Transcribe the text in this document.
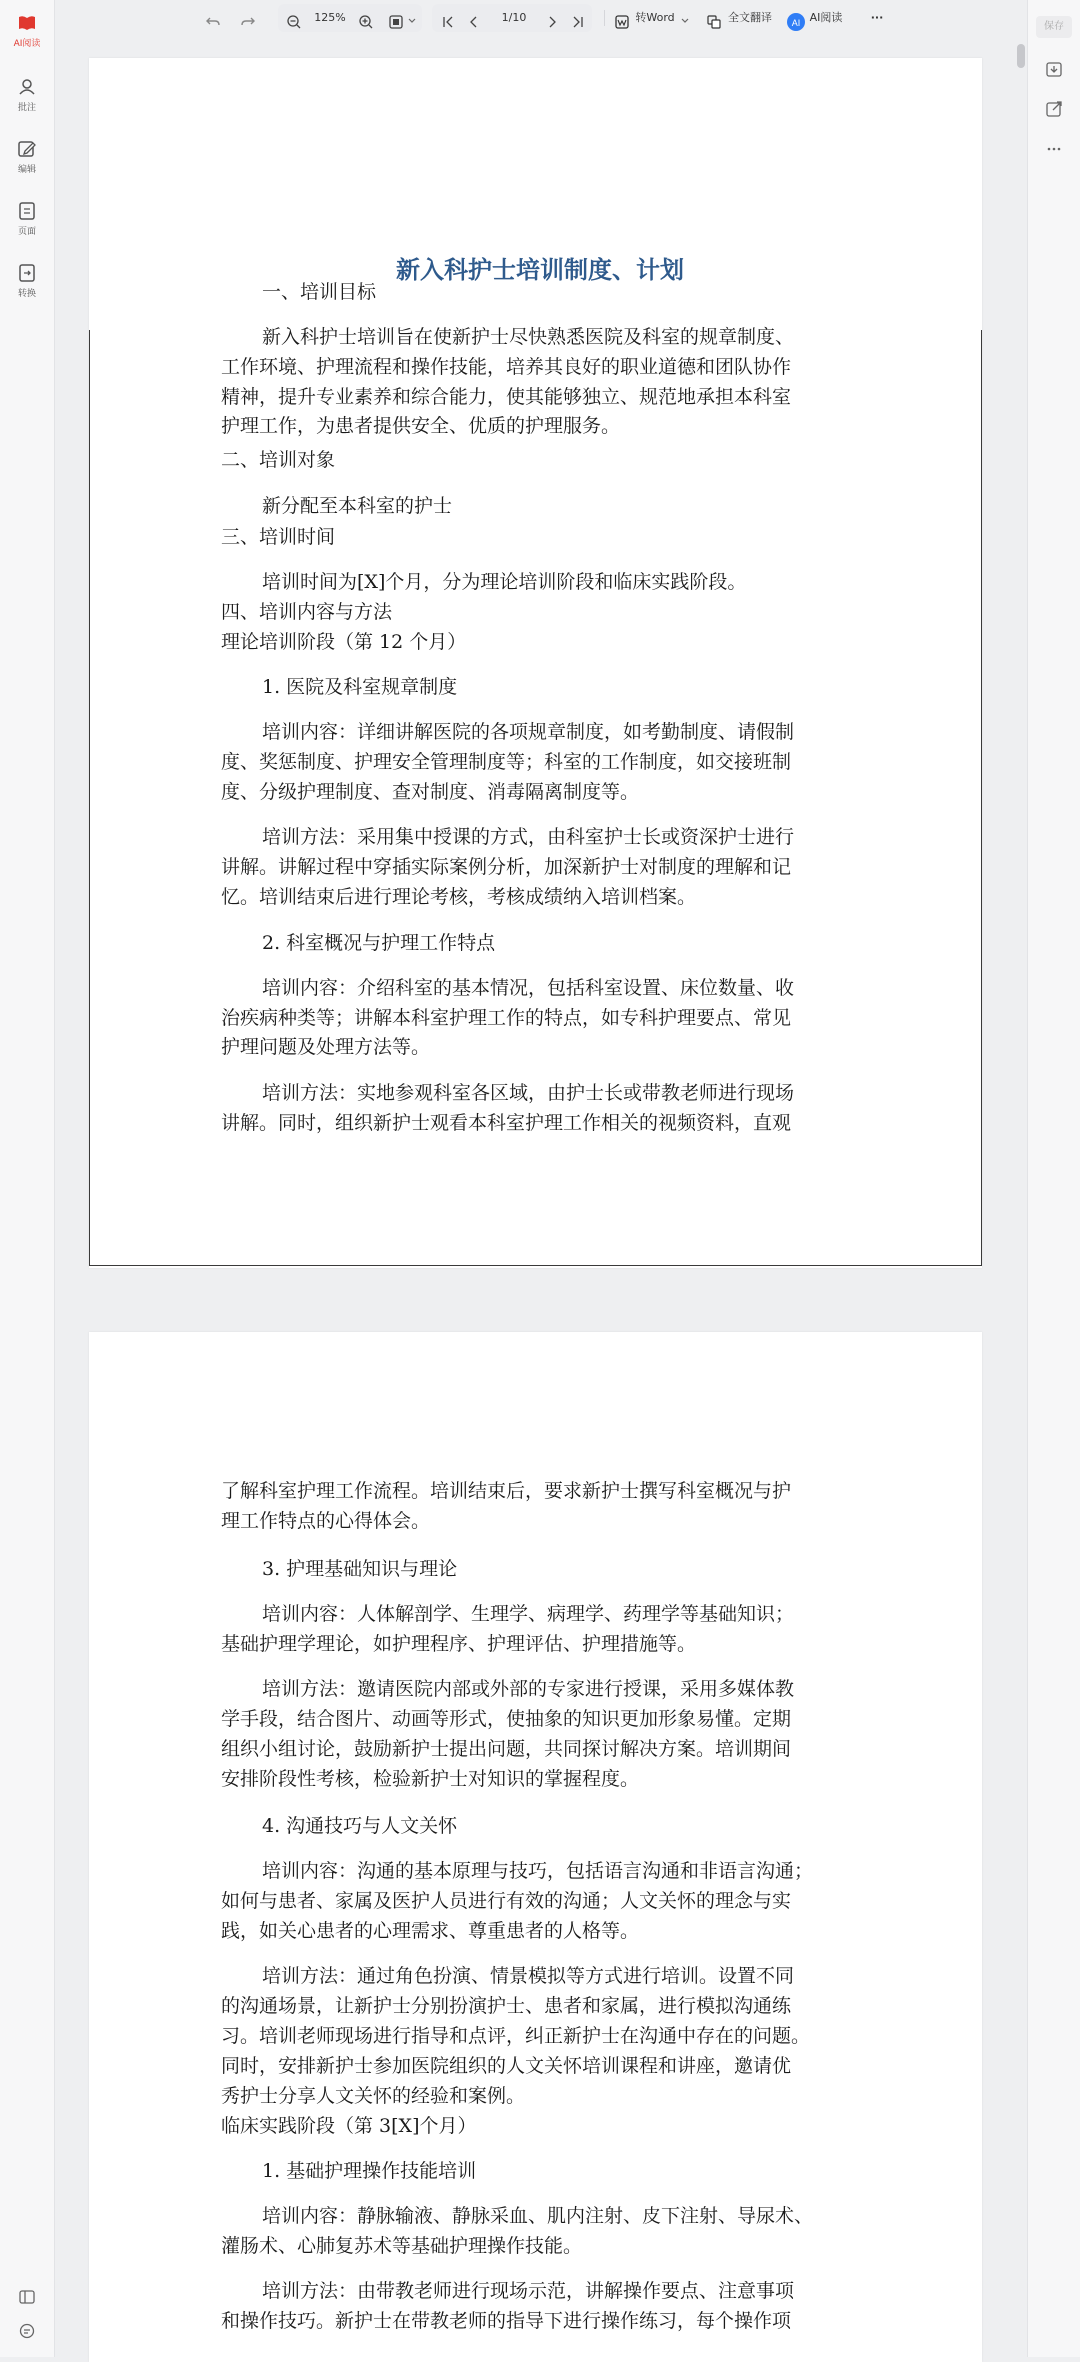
AI阅读
批注
编辑
页面
转换
125%	1/10	转Word	全文翻译	AI AI阅读	···
保存
新入科护士培训制度、计划
一、培训目标
新入科护士培训旨在使新护士尽快熟悉医院及科室的规章制度、
工作环境、护理流程和操作技能，培养其良好的职业道德和团队协作
精神，提升专业素养和综合能力，使其能够独立、规范地承担本科室
护理工作，为患者提供安全、优质的护理服务。
二、培训对象
新分配至本科室的护士
三、培训时间
培训时间为[X]个月，分为理论培训阶段和临床实践阶段。
四、培训内容与方法
理论培训阶段（第 12 个月）
1. 医院及科室规章制度
培训内容：详细讲解医院的各项规章制度，如考勤制度、请假制
度、奖惩制度、护理安全管理制度等；科室的工作制度，如交接班制
度、分级护理制度、查对制度、消毒隔离制度等。
培训方法：采用集中授课的方式，由科室护士长或资深护士进行
讲解。讲解过程中穿插实际案例分析，加深新护士对制度的理解和记
忆。培训结束后进行理论考核，考核成绩纳入培训档案。
2. 科室概况与护理工作特点
培训内容：介绍科室的基本情况，包括科室设置、床位数量、收
治疾病种类等；讲解本科室护理工作的特点，如专科护理要点、常见
护理问题及处理方法等。
培训方法：实地参观科室各区域，由护士长或带教老师进行现场
讲解。同时，组织新护士观看本科室护理工作相关的视频资料，直观
了解科室护理工作流程。培训结束后，要求新护士撰写科室概况与护
理工作特点的心得体会。
3. 护理基础知识与理论
培训内容：人体解剖学、生理学、病理学、药理学等基础知识；
基础护理学理论，如护理程序、护理评估、护理措施等。
培训方法：邀请医院内部或外部的专家进行授课，采用多媒体教
学手段，结合图片、动画等形式，使抽象的知识更加形象易懂。定期
组织小组讨论，鼓励新护士提出问题，共同探讨解决方案。培训期间
安排阶段性考核，检验新护士对知识的掌握程度。
4. 沟通技巧与人文关怀
培训内容：沟通的基本原理与技巧，包括语言沟通和非语言沟通；
如何与患者、家属及医护人员进行有效的沟通；人文关怀的理念与实
践，如关心患者的心理需求、尊重患者的人格等。
培训方法：通过角色扮演、情景模拟等方式进行培训。设置不同
的沟通场景，让新护士分别扮演护士、患者和家属，进行模拟沟通练
习。培训老师现场进行指导和点评，纠正新护士在沟通中存在的问题。
同时，安排新护士参加医院组织的人文关怀培训课程和讲座，邀请优
秀护士分享人文关怀的经验和案例。
临床实践阶段（第 3[X]个月）
1. 基础护理操作技能培训
培训内容：静脉输液、静脉采血、肌内注射、皮下注射、导尿术、
灌肠术、心肺复苏术等基础护理操作技能。
培训方法：由带教老师进行现场示范，讲解操作要点、注意事项
和操作技巧。新护士在带教老师的指导下进行操作练习，每个操作项
